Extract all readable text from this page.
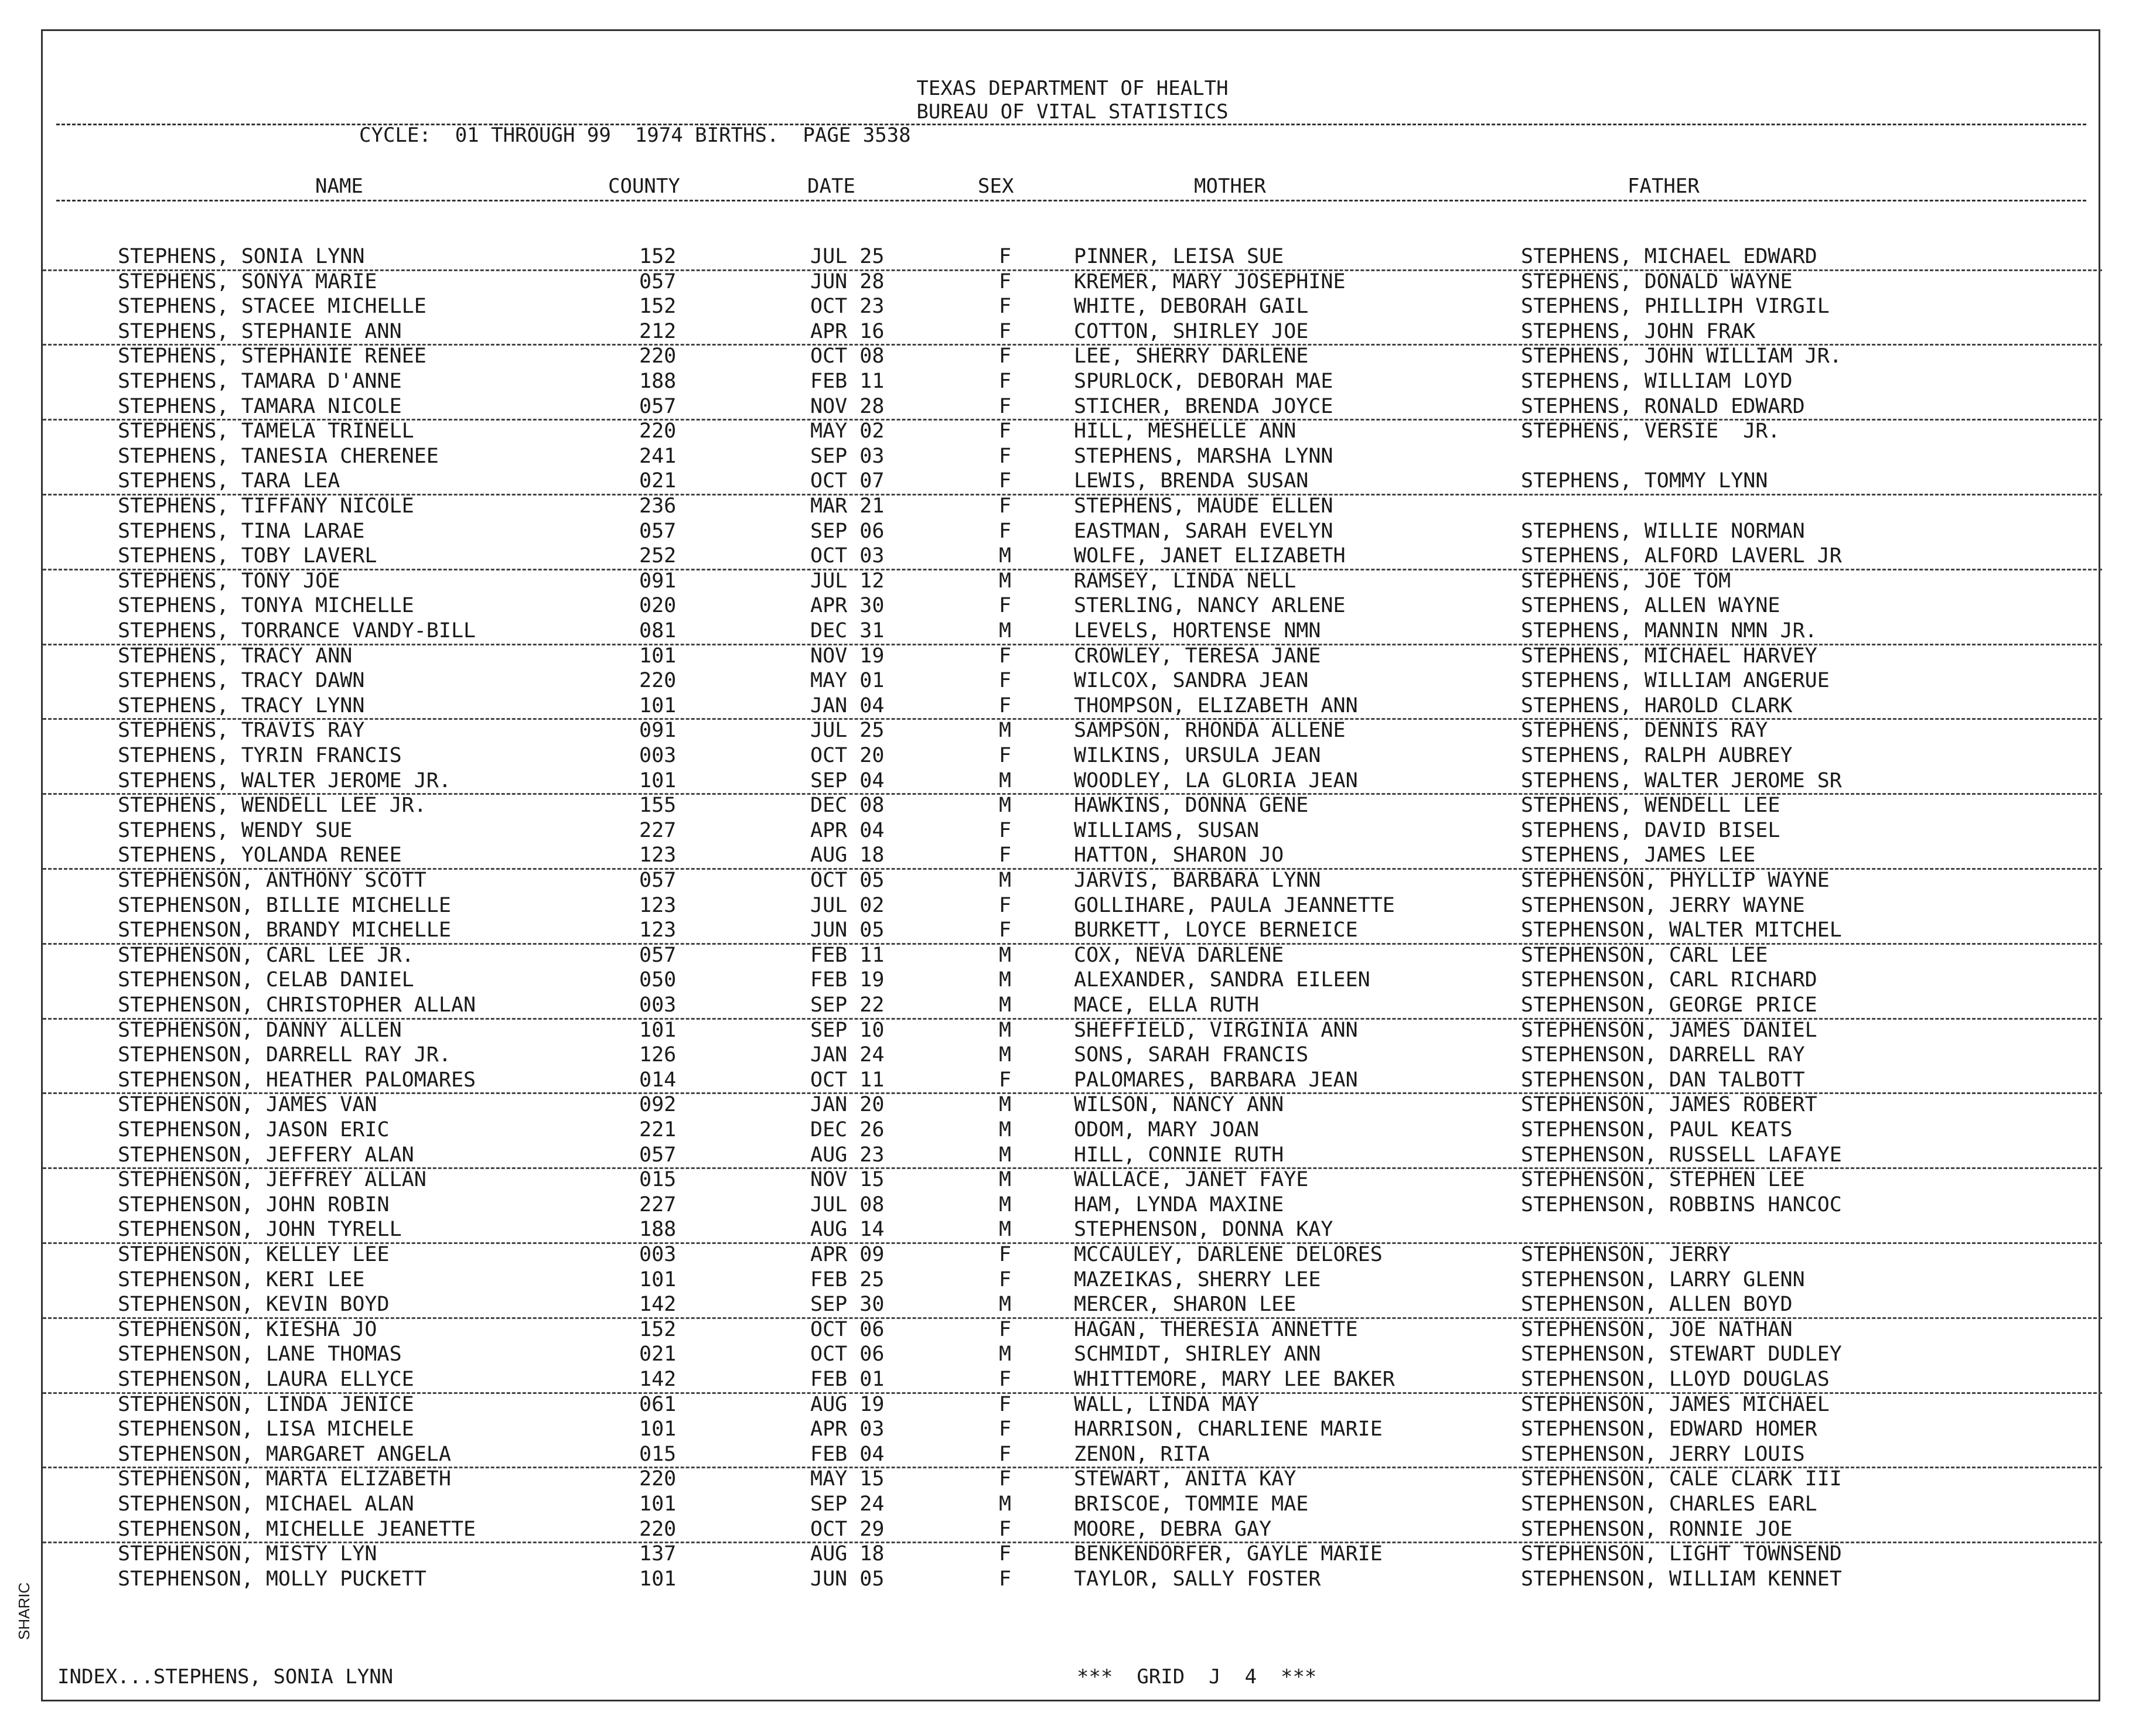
TEXAS DEPARTMENT OF HEALTH
BUREAU OF VITAL STATISTICS
CYCLE:  01 THROUGH 99  1974 BIRTHS.  PAGE 3538
NAME	COUNTY	DATE	SEX	MOTHER	FATHER
STEPHENS, SONIA LYNN	152	JUL 25	F	PINNER, LEISA SUE	STEPHENS, MICHAEL EDWARD
STEPHENS, SONYA MARIE	057	JUN 28	F	KREMER, MARY JOSEPHINE	STEPHENS, DONALD WAYNE
STEPHENS, STACEE MICHELLE	152	OCT 23	F	WHITE, DEBORAH GAIL	STEPHENS, PHILLIPH VIRGIL
STEPHENS, STEPHANIE ANN	212	APR 16	F	COTTON, SHIRLEY JOE	STEPHENS, JOHN FRAK
STEPHENS, STEPHANIE RENEE	220	OCT 08	F	LEE, SHERRY DARLENE	STEPHENS, JOHN WILLIAM JR.
STEPHENS, TAMARA D'ANNE	188	FEB 11	F	SPURLOCK, DEBORAH MAE	STEPHENS, WILLIAM LOYD
STEPHENS, TAMARA NICOLE	057	NOV 28	F	STICHER, BRENDA JOYCE	STEPHENS, RONALD EDWARD
STEPHENS, TAMELA TRINELL	220	MAY 02	F	HILL, MESHELLE ANN	STEPHENS, VERSIE  JR.
STEPHENS, TANESIA CHERENEE	241	SEP 03	F	STEPHENS, MARSHA LYNN
STEPHENS, TARA LEA	021	OCT 07	F	LEWIS, BRENDA SUSAN	STEPHENS, TOMMY LYNN
STEPHENS, TIFFANY NICOLE	236	MAR 21	F	STEPHENS, MAUDE ELLEN
STEPHENS, TINA LARAE	057	SEP 06	F	EASTMAN, SARAH EVELYN	STEPHENS, WILLIE NORMAN
STEPHENS, TOBY LAVERL	252	OCT 03	M	WOLFE, JANET ELIZABETH	STEPHENS, ALFORD LAVERL JR
STEPHENS, TONY JOE	091	JUL 12	M	RAMSEY, LINDA NELL	STEPHENS, JOE TOM
STEPHENS, TONYA MICHELLE	020	APR 30	F	STERLING, NANCY ARLENE	STEPHENS, ALLEN WAYNE
STEPHENS, TORRANCE VANDY-BILL	081	DEC 31	M	LEVELS, HORTENSE NMN	STEPHENS, MANNIN NMN JR.
STEPHENS, TRACY ANN	101	NOV 19	F	CROWLEY, TERESA JANE	STEPHENS, MICHAEL HARVEY
STEPHENS, TRACY DAWN	220	MAY 01	F	WILCOX, SANDRA JEAN	STEPHENS, WILLIAM ANGERUE
STEPHENS, TRACY LYNN	101	JAN 04	F	THOMPSON, ELIZABETH ANN	STEPHENS, HAROLD CLARK
STEPHENS, TRAVIS RAY	091	JUL 25	M	SAMPSON, RHONDA ALLENE	STEPHENS, DENNIS RAY
STEPHENS, TYRIN FRANCIS	003	OCT 20	F	WILKINS, URSULA JEAN	STEPHENS, RALPH AUBREY
STEPHENS, WALTER JEROME JR.	101	SEP 04	M	WOODLEY, LA GLORIA JEAN	STEPHENS, WALTER JEROME SR
STEPHENS, WENDELL LEE JR.	155	DEC 08	M	HAWKINS, DONNA GENE	STEPHENS, WENDELL LEE
STEPHENS, WENDY SUE	227	APR 04	F	WILLIAMS, SUSAN	STEPHENS, DAVID BISEL
STEPHENS, YOLANDA RENEE	123	AUG 18	F	HATTON, SHARON JO	STEPHENS, JAMES LEE
STEPHENSON, ANTHONY SCOTT	057	OCT 05	M	JARVIS, BARBARA LYNN	STEPHENSON, PHYLLIP WAYNE
STEPHENSON, BILLIE MICHELLE	123	JUL 02	F	GOLLIHARE, PAULA JEANNETTE	STEPHENSON, JERRY WAYNE
STEPHENSON, BRANDY MICHELLE	123	JUN 05	F	BURKETT, LOYCE BERNEICE	STEPHENSON, WALTER MITCHEL
STEPHENSON, CARL LEE JR.	057	FEB 11	M	COX, NEVA DARLENE	STEPHENSON, CARL LEE
STEPHENSON, CELAB DANIEL	050	FEB 19	M	ALEXANDER, SANDRA EILEEN	STEPHENSON, CARL RICHARD
STEPHENSON, CHRISTOPHER ALLAN	003	SEP 22	M	MACE, ELLA RUTH	STEPHENSON, GEORGE PRICE
STEPHENSON, DANNY ALLEN	101	SEP 10	M	SHEFFIELD, VIRGINIA ANN	STEPHENSON, JAMES DANIEL
STEPHENSON, DARRELL RAY JR.	126	JAN 24	M	SONS, SARAH FRANCIS	STEPHENSON, DARRELL RAY
STEPHENSON, HEATHER PALOMARES	014	OCT 11	F	PALOMARES, BARBARA JEAN	STEPHENSON, DAN TALBOTT
STEPHENSON, JAMES VAN	092	JAN 20	M	WILSON, NANCY ANN	STEPHENSON, JAMES ROBERT
STEPHENSON, JASON ERIC	221	DEC 26	M	ODOM, MARY JOAN	STEPHENSON, PAUL KEATS
STEPHENSON, JEFFERY ALAN	057	AUG 23	M	HILL, CONNIE RUTH	STEPHENSON, RUSSELL LAFAYE
STEPHENSON, JEFFREY ALLAN	015	NOV 15	M	WALLACE, JANET FAYE	STEPHENSON, STEPHEN LEE
STEPHENSON, JOHN ROBIN	227	JUL 08	M	HAM, LYNDA MAXINE	STEPHENSON, ROBBINS HANCOC
STEPHENSON, JOHN TYRELL	188	AUG 14	M	STEPHENSON, DONNA KAY
STEPHENSON, KELLEY LEE	003	APR 09	F	MCCAULEY, DARLENE DELORES	STEPHENSON, JERRY
STEPHENSON, KERI LEE	101	FEB 25	F	MAZEIKAS, SHERRY LEE	STEPHENSON, LARRY GLENN
STEPHENSON, KEVIN BOYD	142	SEP 30	M	MERCER, SHARON LEE	STEPHENSON, ALLEN BOYD
STEPHENSON, KIESHA JO	152	OCT 06	F	HAGAN, THERESIA ANNETTE	STEPHENSON, JOE NATHAN
STEPHENSON, LANE THOMAS	021	OCT 06	M	SCHMIDT, SHIRLEY ANN	STEPHENSON, STEWART DUDLEY
STEPHENSON, LAURA ELLYCE	142	FEB 01	F	WHITTEMORE, MARY LEE BAKER	STEPHENSON, LLOYD DOUGLAS
STEPHENSON, LINDA JENICE	061	AUG 19	F	WALL, LINDA MAY	STEPHENSON, JAMES MICHAEL
STEPHENSON, LISA MICHELE	101	APR 03	F	HARRISON, CHARLIENE MARIE	STEPHENSON, EDWARD HOMER
STEPHENSON, MARGARET ANGELA	015	FEB 04	F	ZENON, RITA	STEPHENSON, JERRY LOUIS
STEPHENSON, MARTA ELIZABETH	220	MAY 15	F	STEWART, ANITA KAY	STEPHENSON, CALE CLARK III
STEPHENSON, MICHAEL ALAN	101	SEP 24	M	BRISCOE, TOMMIE MAE	STEPHENSON, CHARLES EARL
STEPHENSON, MICHELLE JEANETTE	220	OCT 29	F	MOORE, DEBRA GAY	STEPHENSON, RONNIE JOE
STEPHENSON, MISTY LYN	137	AUG 18	F	BENKENDORFER, GAYLE MARIE	STEPHENSON, LIGHT TOWNSEND
STEPHENSON, MOLLY PUCKETT	101	JUN 05	F	TAYLOR, SALLY FOSTER	STEPHENSON, WILLIAM KENNET
INDEX...STEPHENS, SONIA LYNN	***  GRID  J  4  ***
SHARIC
